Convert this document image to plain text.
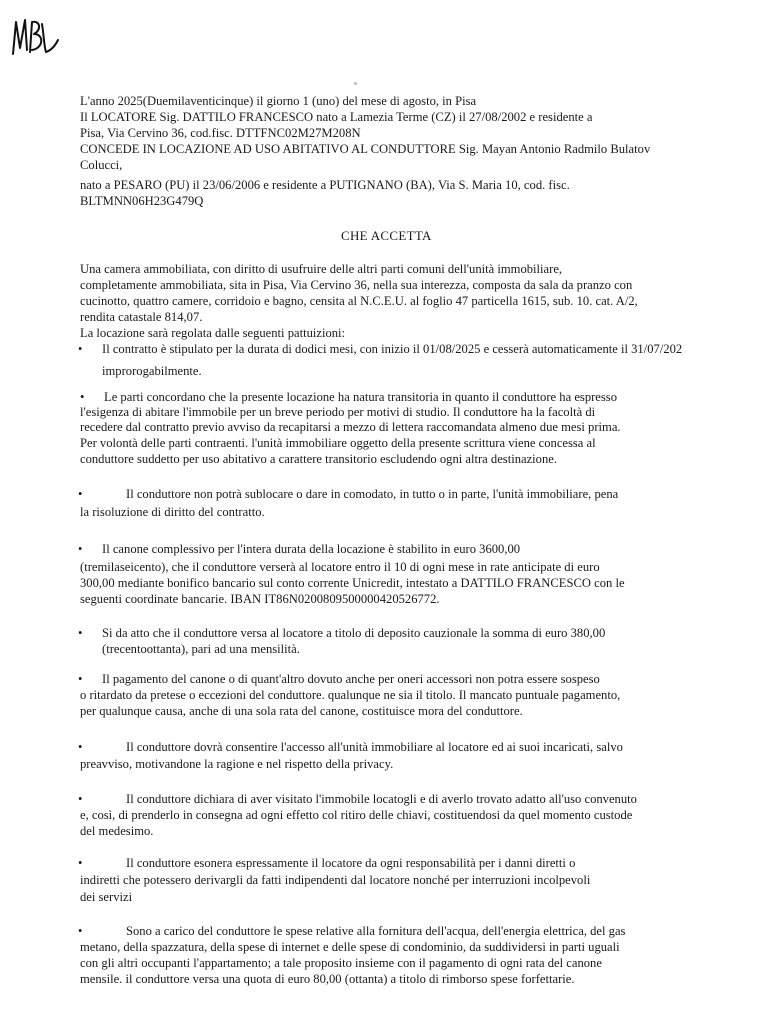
L'anno 2025(Duemilaventicinque) il giorno 1 (uno) del mese di agosto, in Pisa
Il LOCATORE Sig. DATTILO FRANCESCO nato a Lamezia Terme (CZ) il 27/08/2002 e residente a
Pisa, Via Cervino 36, cod.fisc. DTTFNC02M27M208N
CONCEDE IN LOCAZIONE AD USO ABITATIVO AL CONDUTTORE Sig. Mayan Antonio Radmilo Bulatov
Colucci,
nato a PESARO (PU) il 23/06/2006 e residente a PUTIGNANO (BA), Via S. Maria 10, cod. fisc.
BLTMNN06H23G479Q
CHE ACCETTA
Una camera ammobiliata, con diritto di usufruire delle altri parti comuni dell'unità immobiliare,
completamente ammobiliata, sita in Pisa, Via Cervino 36, nella sua interezza, composta da sala da pranzo con
cucinotto, quattro camere, corridoio e bagno, censita al N.C.E.U. al foglio 47 particella 1615, sub. 10. cat. A/2,
rendita catastale 814,07.
La locazione sarà regolata dalle seguenti pattuizioni:
• Il contratto è stipulato per la durata di dodici mesi, con inizio il 01/08/2025 e cesserà automaticamente il 31/07/202
improrogabilmente.
• Le parti concordano che la presente locazione ha natura transitoria in quanto il conduttore ha espresso
l'esigenza di abitare l'immobile per un breve periodo per motivi di studio. Il conduttore ha la facoltà di
recedere dal contratto previo avviso da recapitarsi a mezzo di lettera raccomandata almeno due mesi prima.
Per volontà delle parti contraenti. l'unità immobiliare oggetto della presente scrittura viene concessa al
conduttore suddetto per uso abitativo a carattere transitorio escludendo ogni altra destinazione.
•	Il conduttore non potrà sublocare o dare in comodato, in tutto o in parte, l'unità immobiliare, pena
la risoluzione di diritto del contratto.
• Il canone complessivo per l'intera durata della locazione è stabilito in euro 3600,00
(tremilaseicento), che il conduttore verserà al locatore entro il 10 di ogni mese in rate anticipate di euro
300,00 mediante bonifico bancario sul conto corrente Unicredit, intestato a DATTILO FRANCESCO con le
seguenti coordinate bancarie. IBAN IT86N0200809500000420526772.
• Si da atto che il conduttore versa al locatore a titolo di deposito cauzionale la somma di euro 380,00
(trecentoottanta), pari ad una mensilità.
• Il pagamento del canone o di quant'altro dovuto anche per oneri accessori non potra essere sospeso
o ritardato da pretese o eccezioni del conduttore. qualunque ne sia il titolo. Il mancato puntuale pagamento,
per qualunque causa, anche di una sola rata del canone, costituisce mora del conduttore.
•	Il conduttore dovrà consentire l'accesso all'unità immobiliare al locatore ed ai suoi incaricati, salvo
preavviso, motivandone la ragione e nel rispetto della privacy.
•	Il conduttore dichiara di aver visitato l'immobile locatogli e di averlo trovato adatto all'uso convenuto
e, così, di prenderlo in consegna ad ogni effetto col ritiro delle chiavi, costituendosi da quel momento custode
del medesimo.
•	Il conduttore esonera espressamente il locatore da ogni responsabilità per i danni diretti o
indiretti che potessero derivargli da fatti indipendenti dal locatore nonché per interruzioni incolpevoli
dei servizi
•	Sono a carico del conduttore le spese relative alla fornitura dell'acqua, dell'energia elettrica, del gas
metano, della spazzatura, della spese di internet e delle spese di condominio, da suddividersi in parti uguali
con gli altri occupanti l'appartamento; a tale proposito insieme con il pagamento di ogni rata del canone
mensile. il conduttore versa una quota di euro 80,00 (ottanta) a titolo di rimborso spese forfettarie.
